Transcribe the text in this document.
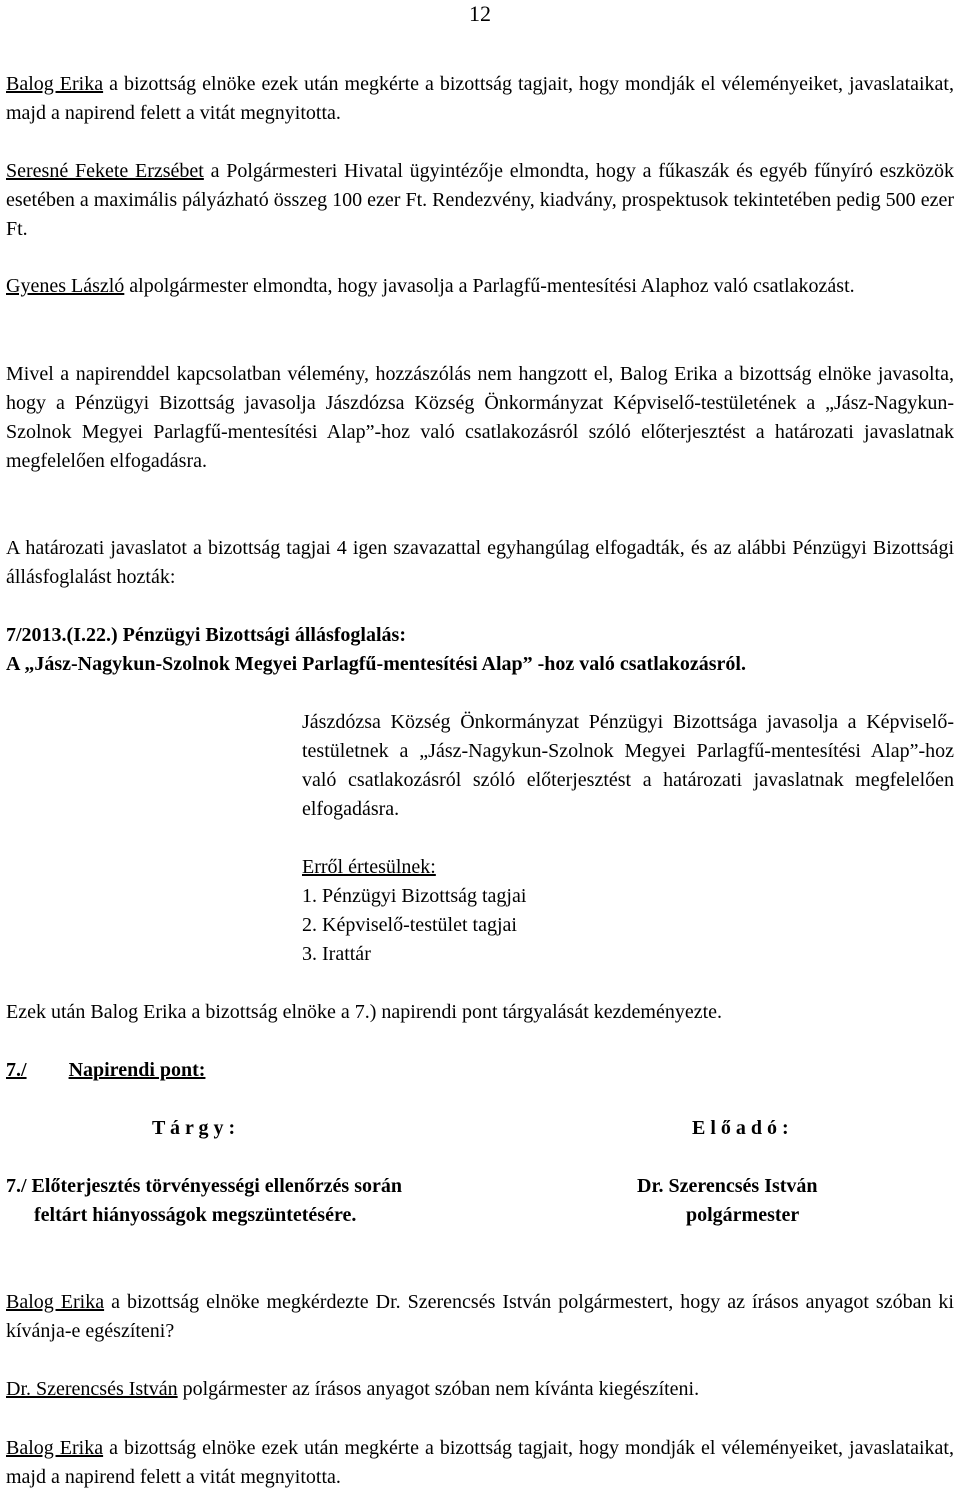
12
Balog Erika a bizottság elnöke ezek után megkérte a bizottság tagjait, hogy mondják el véleményeiket, javaslataikat, majd a napirend felett a vitát megnyitotta.
Seresné Fekete Erzsébet a Polgármesteri Hivatal ügyintézője elmondta, hogy a fűkaszák és egyéb fűnyíró eszközök esetében a maximális pályázható összeg 100 ezer Ft. Rendezvény, kiadvány, prospektusok tekintetében pedig 500 ezer Ft.
Gyenes László alpolgármester elmondta, hogy javasolja a Parlagfű-mentesítési Alaphoz való csatlakozást.
Mivel a napirenddel kapcsolatban vélemény, hozzászólás nem hangzott el, Balog Erika a bizottság elnöke javasolta, hogy a Pénzügyi Bizottság javasolja Jászdózsa Község Önkormányzat Képviselő-testületének a „Jász-Nagykun-Szolnok Megyei Parlagfű-mentesítési Alap”-hoz való csatlakozásról szóló előterjesztést a határozati javaslatnak megfelelően elfogadásra.
A határozati javaslatot a bizottság tagjai 4 igen szavazattal egyhangúlag elfogadták, és az alábbi Pénzügyi Bizottsági állásfoglalást hozták:
7/2013.(I.22.) Pénzügyi Bizottsági állásfoglalás:
A „Jász-Nagykun-Szolnok Megyei Parlagfű-mentesítési Alap” -hoz való csatlakozásról.
Jászdózsa Község Önkormányzat Pénzügyi Bizottsága javasolja a Képviselő-testületnek a „Jász-Nagykun-Szolnok Megyei Parlagfű-mentesítési Alap”-hoz való csatlakozásról szóló előterjesztést a határozati javaslatnak megfelelően elfogadásra.
Erről értesülnek:
1. Pénzügyi Bizottság tagjai
2. Képviselő-testület tagjai
3. Irattár
Ezek után Balog Erika a bizottság elnöke a 7.) napirendi pont tárgyalását kezdeményezte.
7./ Napirendi pont:
T á r g y :	E l ő a d ó :
7./ Előterjesztés törvényességi ellenőrzés során
feltárt hiányosságok megszüntetésére.
Dr. Szerencsés István
polgármester
Balog Erika a bizottság elnöke megkérdezte Dr. Szerencsés István polgármestert, hogy az írásos anyagot szóban ki kívánja-e egészíteni?
Dr. Szerencsés István polgármester az írásos anyagot szóban nem kívánta kiegészíteni.
Balog Erika a bizottság elnöke ezek után megkérte a bizottság tagjait, hogy mondják el véleményeiket, javaslataikat, majd a napirend felett a vitát megnyitotta.
